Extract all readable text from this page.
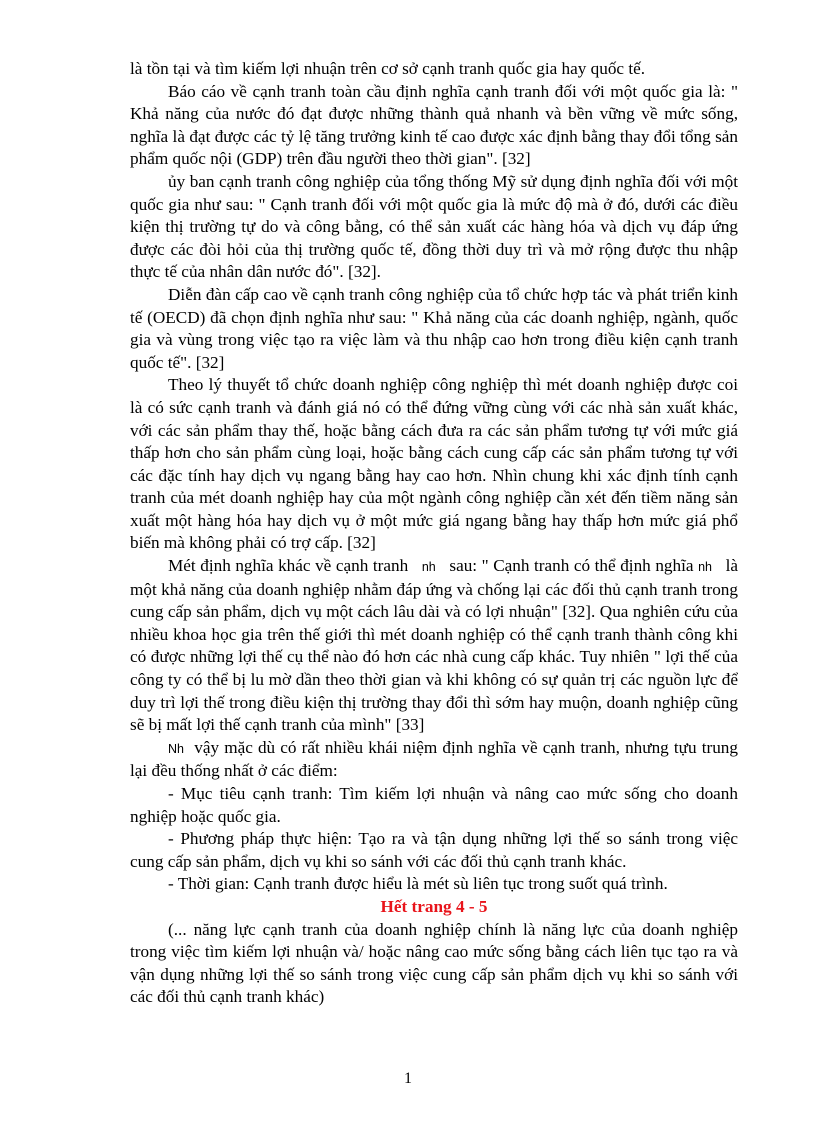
là tồn tại và tìm kiếm lợi nhuận trên cơ sở cạnh tranh quốc gia hay quốc tế.

Báo cáo về cạnh tranh toàn cầu định nghĩa cạnh tranh đối với một quốc gia là: " Khả năng của nước đó đạt được những thành quả nhanh và bền vững về mức sống, nghĩa là đạt được các tỷ lệ tăng trưởng kinh tế cao được xác định bằng thay đổi tổng sản phẩm quốc nội (GDP) trên đầu người theo thời gian". [32]

ủy ban cạnh tranh công nghiệp của tổng thống Mỹ sử dụng định nghĩa đối với một quốc gia như sau: " Cạnh tranh đối với một quốc gia là mức độ mà ở đó, dưới các điều kiện thị trường tự do và công bằng, có thể sản xuất các hàng hóa và dịch vụ đáp ứng được các đòi hỏi của thị trường quốc tế, đồng thời duy trì và mở rộng được thu nhập thực tế của nhân dân nước đó". [32].

Diễn đàn cấp cao về cạnh tranh công nghiệp của tổ chức hợp tác và phát triển kinh tế (OECD) đã chọn định nghĩa như sau: " Khả năng của các doanh nghiệp, ngành, quốc gia và vùng trong việc tạo ra việc làm và thu nhập cao hơn trong điều kiện cạnh tranh quốc tế". [32]

Theo lý thuyết tổ chức doanh nghiệp công nghiệp thì mét doanh nghiệp được coi là có sức cạnh tranh và đánh giá nó có thể đứng vững cùng với các nhà sản xuất khác, với các sản phẩm thay thế, hoặc bằng cách đưa ra các sản phẩm tương tự với mức giá thấp hơn cho sản phẩm cùng loại, hoặc bằng cách cung cấp các sản phẩm tương tự với các đặc tính hay dịch vụ ngang bằng hay cao hơn. Nhìn chung khi xác định tính cạnh tranh của mét doanh nghiệp hay của một ngành công nghiệp cần xét đến tiềm năng sản xuất một hàng hóa hay dịch vụ ở một mức giá ngang bằng hay thấp hơn mức giá phổ biến mà không phải có trợ cấp. [32]

Mét định nghĩa khác về cạnh tranh nh sau: " Cạnh tranh có thể định nghĩa nh là một khả năng của doanh nghiệp nhằm đáp ứng và chống lại các đối thủ cạnh tranh trong cung cấp sản phẩm, dịch vụ một cách lâu dài và có lợi nhuận" [32]. Qua nghiên cứu của nhiều khoa học gia trên thế giới thì mét doanh nghiệp có thể cạnh tranh thành công khi có được những lợi thế cụ thể nào đó hơn các nhà cung cấp khác. Tuy nhiên " lợi thế của công ty có thể bị lu mờ dần theo thời gian và khi không có sự quản trị các nguồn lực để duy trì lợi thế trong điều kiện thị trường thay đổi thì sớm hay muộn, doanh nghiệp cũng sẽ bị mất lợi thế cạnh tranh của mình" [33]

Nh vậy mặc dù có rất nhiều khái niệm định nghĩa về cạnh tranh, nhưng tựu trung lại đều thống nhất ở các điểm:

- Mục tiêu cạnh tranh: Tìm kiếm lợi nhuận và nâng cao mức sống cho doanh nghiệp hoặc quốc gia.

- Phương pháp thực hiện: Tạo ra và tận dụng những lợi thế so sánh trong việc cung cấp sản phẩm, dịch vụ khi so sánh với các đối thủ cạnh tranh khác.

- Thời gian: Cạnh tranh được hiểu là mét sù liên tục trong suốt quá trình.

Hết trang 4 - 5

(... năng lực cạnh tranh của doanh nghiệp chính là năng lực của doanh nghiệp trong việc tìm kiếm lợi nhuận và/ hoặc nâng cao mức sống bằng cách liên tục tạo ra và vận dụng những lợi thế so sánh trong việc cung cấp sản phẩm dịch vụ khi so sánh với các đối thủ cạnh tranh khác)

1
